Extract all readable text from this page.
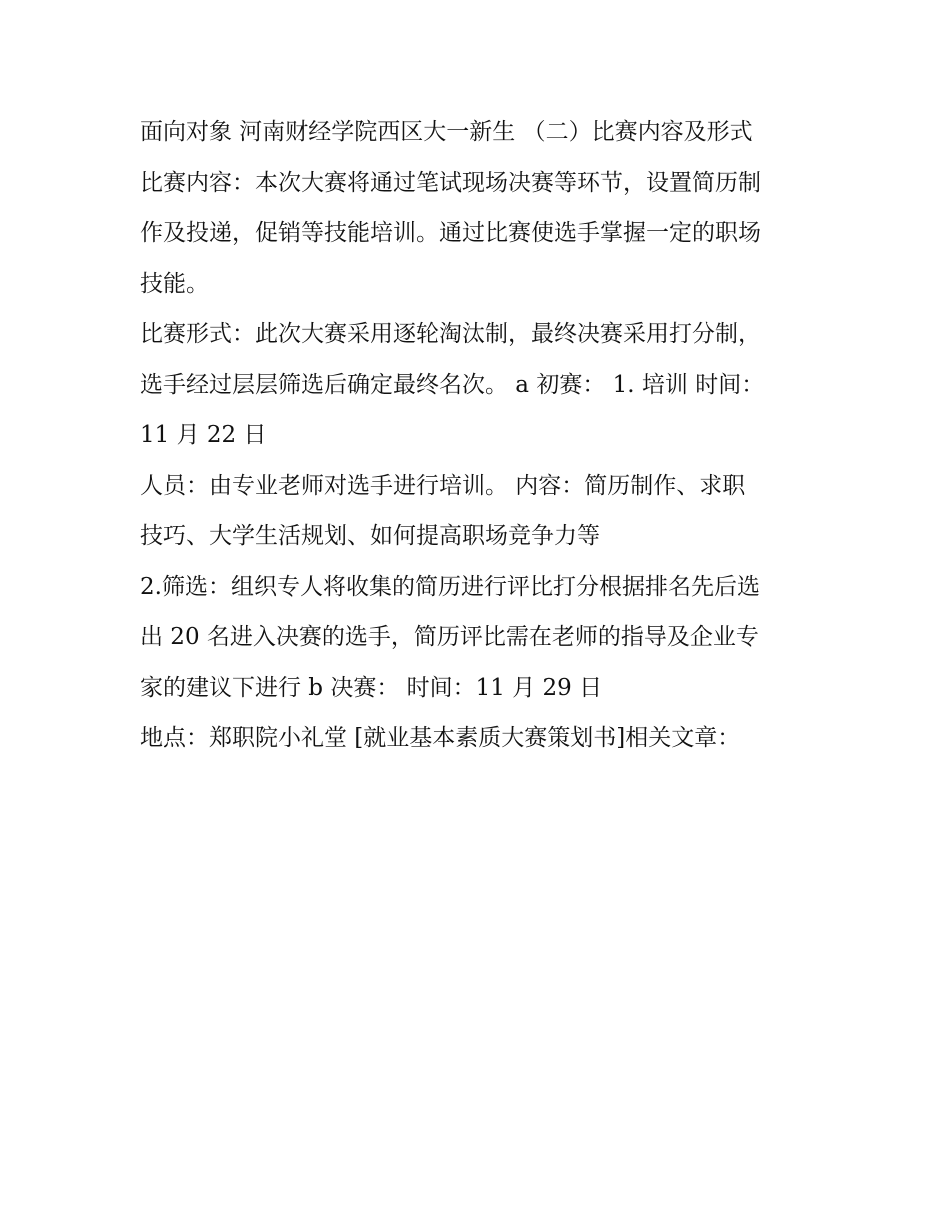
面向对象 河南财经学院西区大一新生 （二）比赛内容及形式
比赛内容：本次大赛将通过笔试现场决赛等环节，设置简历制
作及投递，促销等技能培训。通过比赛使选手掌握一定的职场
技能。
比赛形式：此次大赛采用逐轮淘汰制，最终决赛采用打分制，
选手经过层层筛选后确定最终名次。 a 初赛： 1. 培训 时间：
11 月 22 日
人员：由专业老师对选手进行培训。 内容：简历制作、求职
技巧、大学生活规划、如何提高职场竞争力等
2.筛选：组织专人将收集的简历进行评比打分根据排名先后选
出 20 名进入决赛的选手，简历评比需在老师的指导及企业专
家的建议下进行 b 决赛： 时间：11 月 29 日
地点：郑职院小礼堂 [就业基本素质大赛策划书]相关文章：
